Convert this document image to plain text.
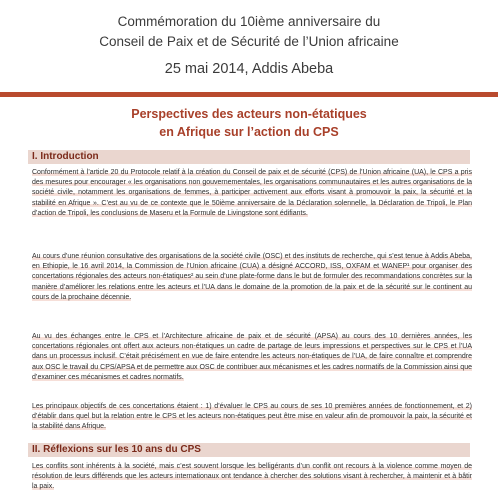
Commémoration du 10ième anniversaire du
Conseil de Paix et de Sécurité de l’Union africaine
25 mai 2014, Addis Abeba
Perspectives des acteurs non-étatiques
en Afrique sur l’action du CPS
I. Introduction

Conformément à l’article 20 du Protocole relatif à la création du Conseil de paix et de sécurité (CPS) de l’Union africaine (UA), le CPS a pris des mesures pour encourager « les organisations non gouvernementales, les organisations communautaires et les autres organisations de la société civile, notamment les organisations de femmes, à participer activement aux efforts visant à promouvoir la paix, la sécurité et la stabilité en Afrique ». C’est au vu de ce contexte que le 50ième anniversaire de la Déclaration solennelle, la Déclaration de Tripoli, le Plan d’action de Tripoli, les conclusions de Maseru et la Formule de Livingstone sont édifiants.

Au cours d’une réunion consultative des organisations de la société civile (OSC) et des instituts de recherche, qui s’est tenue à Addis Abeba, en Ethiopie, le 16 avril 2014, la Commission de l’Union africaine (CUA) a désigné ACCORD, ISS, OXFAM et WANEP¹ pour organiser des concertations régionales des acteurs non-étatiques² au sein d’une plate-forme dans le but de formuler des recommandations concrètes sur la manière d’améliorer les relations entre les acteurs et l’UA dans le domaine de la promotion de la paix et de la sécurité sur le continent au cours de la prochaine décennie.

Au vu des échanges entre le CPS et l’Architecture africaine de paix et de sécurité (APSA) au cours des 10 dernières années, les concertations régionales ont offert aux acteurs non-étatiques un cadre de partage de leurs impressions et perspectives sur le CPS et l’UA dans un processus inclusif. C’était précisément en vue de faire entendre les acteurs non-étatiques de l’UA, de faire connaître et comprendre aux OSC le travail du CPS/APSA et de permettre aux OSC de contribuer aux mécanismes et les cadres normatifs de la Commission ainsi que d’examiner ces mécanismes et cadres normatifs.

Les principaux objectifs de ces concertations étaient : 1) d’évaluer le CPS au cours de ses 10 premières années de fonctionnement, et 2) d’établir dans quel but la relation entre le CPS et les acteurs non-étatiques peut être mise en valeur afin de promouvoir la paix, la sécurité et la stabilité dans Afrique.

II. Réflexions sur les 10 ans du CPS

Les conflits sont inhérents à la société, mais c’est souvent lorsque les belligérants d’un conflit ont recours à la violence comme moyen de résolution de leurs différends que les acteurs internationaux ont tendance à chercher des solutions visant à rechercher, à maintenir et à bâtir la paix.
